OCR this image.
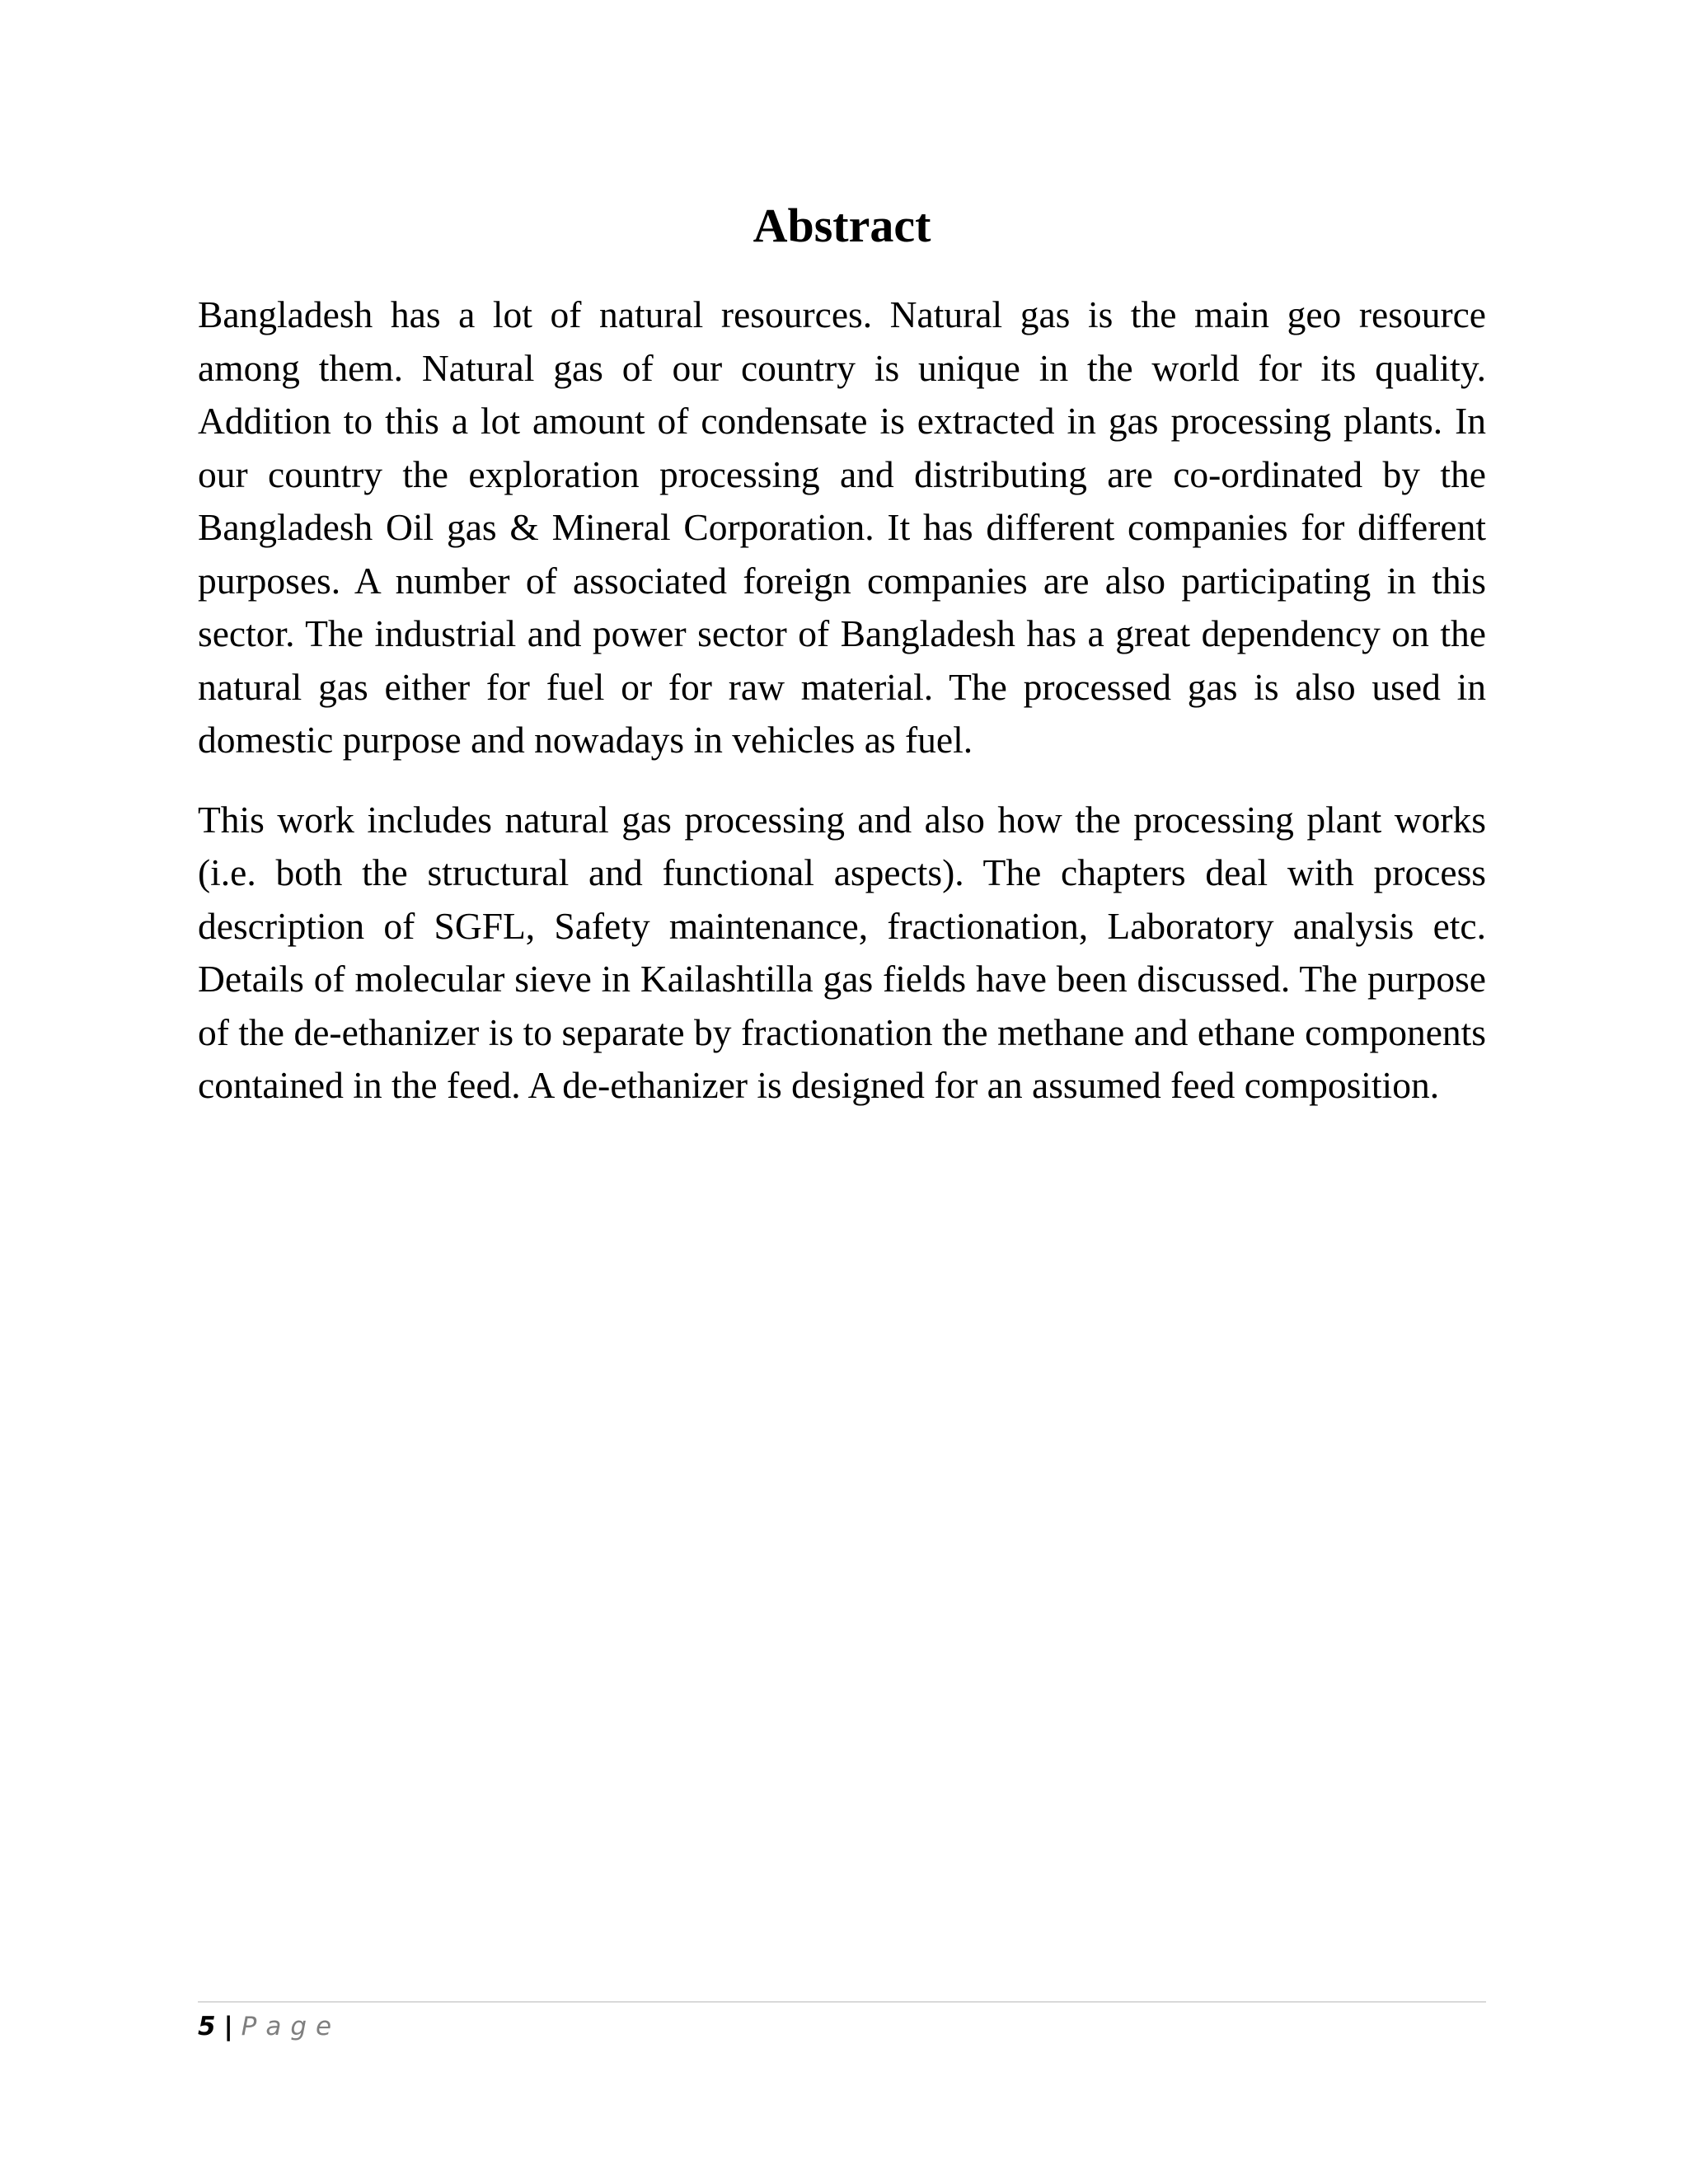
Abstract

Bangladesh has a lot of natural resources. Natural gas is the main geo resource among them. Natural gas of our country is unique in the world for its quality. Addition to this a lot amount of condensate is extracted in gas processing plants. In our country the exploration processing and distributing are co-ordinated by the Bangladesh Oil gas & Mineral Corporation. It has different companies for different purposes. A number of associated foreign companies are also participating in this sector. The industrial and power sector of Bangladesh has a great dependency on the natural gas either for fuel or for raw material. The processed gas is also used in domestic purpose and nowadays in vehicles as fuel.

This work includes natural gas processing and also how the processing plant works (i.e. both the structural and functional aspects). The chapters deal with process description of SGFL, Safety maintenance, fractionation, Laboratory analysis etc. Details of molecular sieve in Kailashtilla gas fields have been discussed. The purpose of the de-ethanizer is to separate by fractionation the methane and ethane components contained in the feed. A de-ethanizer is designed for an assumed feed composition.

5 | Page
